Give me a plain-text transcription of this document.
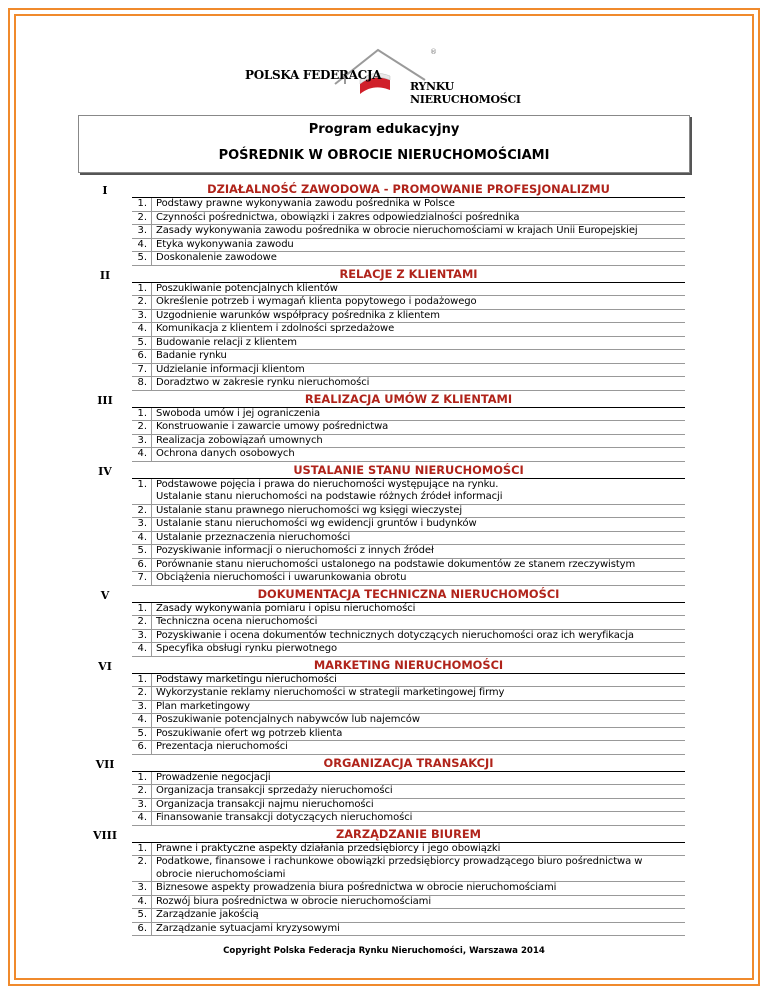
POLSKA FEDERACJA
RYNKU NIERUCHOMOŚCI
®
Program edukacyjny
POŚREDNIK W OBROCIE NIERUCHOMOŚCIAMI
I	DZIAŁALNOŚĆ ZAWODOWA - PROMOWANIE PROFESJONALIZMU
1. Podstawy prawne wykonywania zawodu pośrednika w Polsce
2. Czynności pośrednictwa, obowiązki i zakres odpowiedzialności pośrednika
3. Zasady wykonywania zawodu pośrednika w obrocie nieruchomościami w krajach Unii Europejskiej
4. Etyka wykonywania zawodu
5. Doskonalenie zawodowe
II	RELACJE Z KLIENTAMI
1. Poszukiwanie potencjalnych klientów
2. Określenie potrzeb i wymagań klienta popytowego i podażowego
3. Uzgodnienie warunków współpracy pośrednika z klientem
4. Komunikacja z klientem i zdolności sprzedażowe
5. Budowanie relacji z klientem
6. Badanie rynku
7. Udzielanie informacji klientom
8. Doradztwo w zakresie rynku nieruchomości
III	REALIZACJA UMÓW Z KLIENTAMI
1. Swoboda umów i jej ograniczenia
2. Konstruowanie i zawarcie umowy pośrednictwa
3. Realizacja zobowiązań umownych
4. Ochrona danych osobowych
IV	USTALANIE STANU NIERUCHOMOŚCI
1. Podstawowe pojęcia i prawa do nieruchomości występujące na rynku.
Ustalanie stanu nieruchomości na podstawie różnych źródeł informacji
2. Ustalanie stanu prawnego nieruchomości wg księgi wieczystej
3. Ustalanie stanu nieruchomości wg ewidencji gruntów i budynków
4. Ustalanie przeznaczenia nieruchomości
5. Pozyskiwanie informacji o nieruchomości z innych źródeł
6. Porównanie stanu nieruchomości ustalonego na podstawie dokumentów ze stanem rzeczywistym
7. Obciążenia nieruchomości i uwarunkowania obrotu
V	DOKUMENTACJA TECHNICZNA NIERUCHOMOŚCI
1. Zasady wykonywania pomiaru i opisu nieruchomości
2. Techniczna ocena nieruchomości
3. Pozyskiwanie i ocena dokumentów technicznych dotyczących nieruchomości oraz ich weryfikacja
4. Specyfika obsługi rynku pierwotnego
VI	MARKETING NIERUCHOMOŚCI
1. Podstawy marketingu nieruchomości
2. Wykorzystanie reklamy nieruchomości w strategii marketingowej firmy
3. Plan marketingowy
4. Poszukiwanie potencjalnych nabywców lub najemców
5. Poszukiwanie ofert wg potrzeb klienta
6. Prezentacja nieruchomości
VII	ORGANIZACJA TRANSAKCJI
1. Prowadzenie negocjacji
2. Organizacja transakcji sprzedaży nieruchomości
3. Organizacja transakcji najmu nieruchomości
4. Finansowanie transakcji dotyczących nieruchomości
VIII	ZARZĄDZANIE BIUREM
1. Prawne i praktyczne aspekty działania przedsiębiorcy i jego obowiązki
2. Podatkowe, finansowe i rachunkowe obowiązki przedsiębiorcy prowadzącego biuro pośrednictwa w
obrocie nieruchomościami
3. Biznesowe aspekty prowadzenia biura pośrednictwa w obrocie nieruchomościami
4. Rozwój biura pośrednictwa w obrocie nieruchomościami
5. Zarządzanie jakością
6. Zarządzanie sytuacjami kryzysowymi
Copyright Polska Federacja Rynku Nieruchomości, Warszawa 2014
